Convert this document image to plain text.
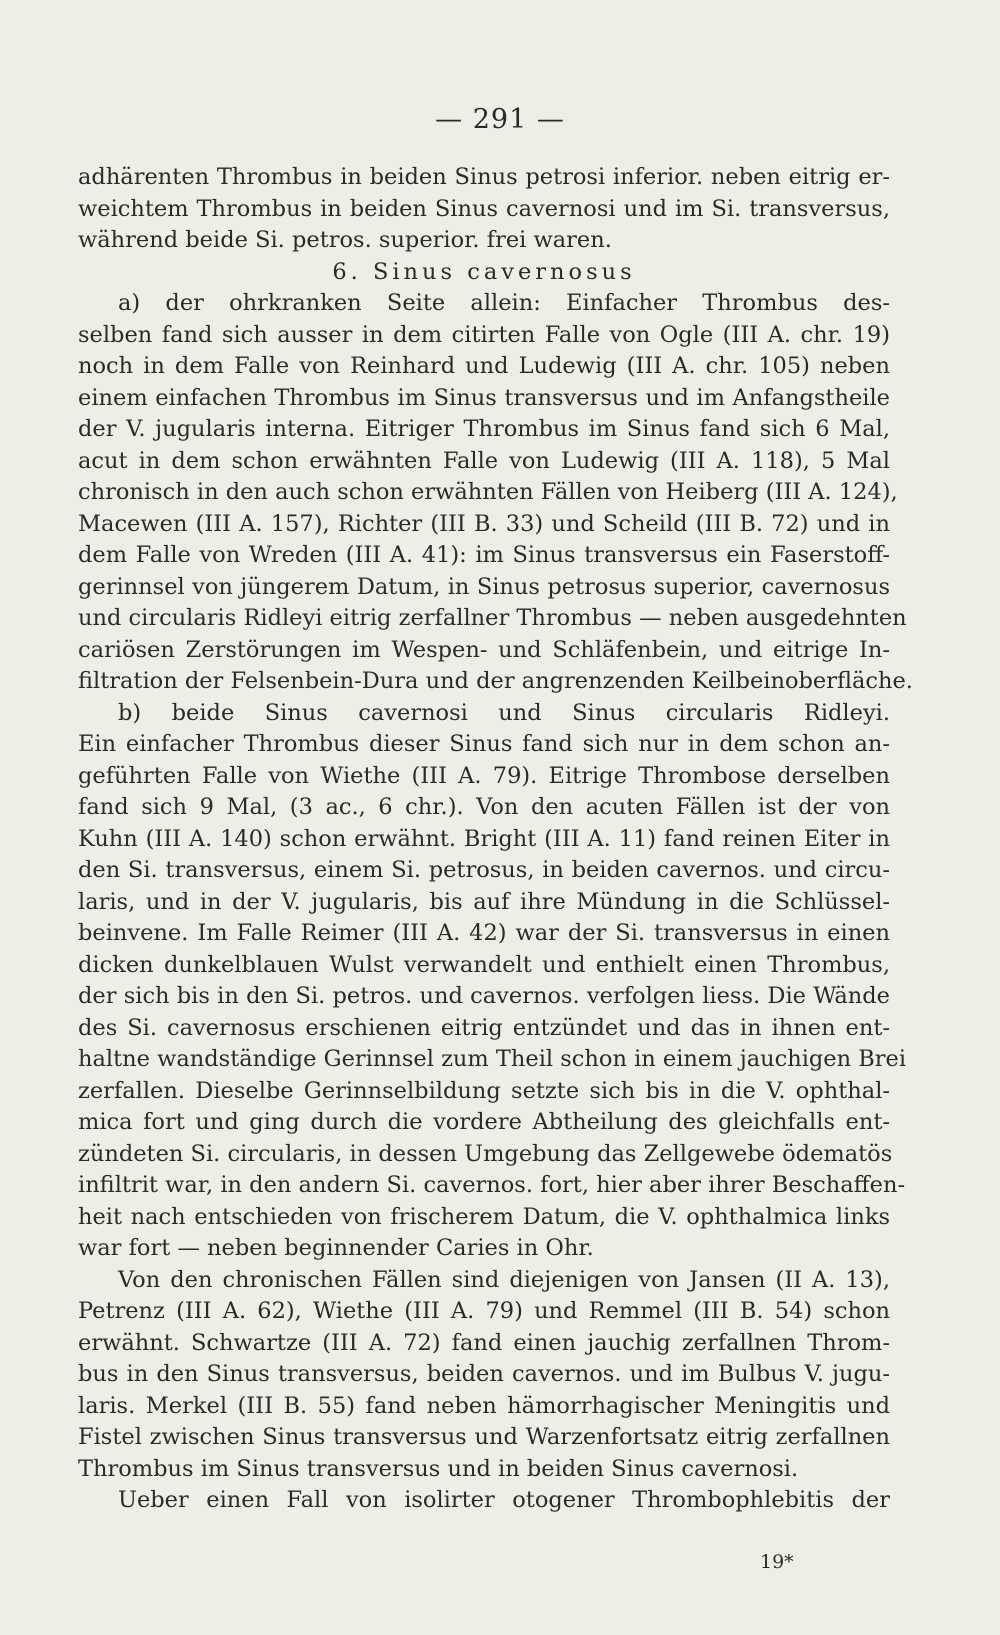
— 291 —
adhärenten Thrombus in beiden Sinus petrosi inferior. neben eitrig er-
weichtem Thrombus in beiden Sinus cavernosi und im Si. transversus,
während beide Si. petros. superior. frei waren.
6. Sinus cavernosus
a) der ohrkranken Seite allein: Einfacher Thrombus des-
selben fand sich ausser in dem citirten Falle von Ogle (III A. chr. 19)
noch in dem Falle von Reinhard und Ludewig (III A. chr. 105) neben
einem einfachen Thrombus im Sinus transversus und im Anfangstheile
der V. jugularis interna. Eitriger Thrombus im Sinus fand sich 6 Mal,
acut in dem schon erwähnten Falle von Ludewig (III A. 118), 5 Mal
chronisch in den auch schon erwähnten Fällen von Heiberg (III A. 124),
Macewen (III A. 157), Richter (III B. 33) und Scheild (III B. 72) und in
dem Falle von Wreden (III A. 41): im Sinus transversus ein Faserstoff-
gerinnsel von jüngerem Datum, in Sinus petrosus superior, cavernosus
und circularis Ridleyi eitrig zerfallner Thrombus — neben ausgedehnten
cariösen Zerstörungen im Wespen- und Schläfenbein, und eitrige In-
filtration der Felsenbein-Dura und der angrenzenden Keilbeinoberfläche.
b) beide Sinus cavernosi und Sinus circularis Ridleyi.
Ein einfacher Thrombus dieser Sinus fand sich nur in dem schon an-
geführten Falle von Wiethe (III A. 79). Eitrige Thrombose derselben
fand sich 9 Mal, (3 ac., 6 chr.). Von den acuten Fällen ist der von
Kuhn (III A. 140) schon erwähnt. Bright (III A. 11) fand reinen Eiter in
den Si. transversus, einem Si. petrosus, in beiden cavernos. und circu-
laris, und in der V. jugularis, bis auf ihre Mündung in die Schlüssel-
beinvene. Im Falle Reimer (III A. 42) war der Si. transversus in einen
dicken dunkelblauen Wulst verwandelt und enthielt einen Thrombus,
der sich bis in den Si. petros. und cavernos. verfolgen liess. Die Wände
des Si. cavernosus erschienen eitrig entzündet und das in ihnen ent-
haltne wandständige Gerinnsel zum Theil schon in einem jauchigen Brei
zerfallen. Dieselbe Gerinnselbildung setzte sich bis in die V. ophthal-
mica fort und ging durch die vordere Abtheilung des gleichfalls ent-
zündeten Si. circularis, in dessen Umgebung das Zellgewebe ödematös
infiltrit war, in den andern Si. cavernos. fort, hier aber ihrer Beschaffen-
heit nach entschieden von frischerem Datum, die V. ophthalmica links
war fort — neben beginnender Caries in Ohr.
Von den chronischen Fällen sind diejenigen von Jansen (II A. 13),
Petrenz (III A. 62), Wiethe (III A. 79) und Remmel (III B. 54) schon
erwähnt. Schwartze (III A. 72) fand einen jauchig zerfallnen Throm-
bus in den Sinus transversus, beiden cavernos. und im Bulbus V. jugu-
laris. Merkel (III B. 55) fand neben hämorrhagischer Meningitis und
Fistel zwischen Sinus transversus und Warzenfortsatz eitrig zerfallnen
Thrombus im Sinus transversus und in beiden Sinus cavernosi.
Ueber einen Fall von isolirter otogener Thrombophlebitis der
19*
